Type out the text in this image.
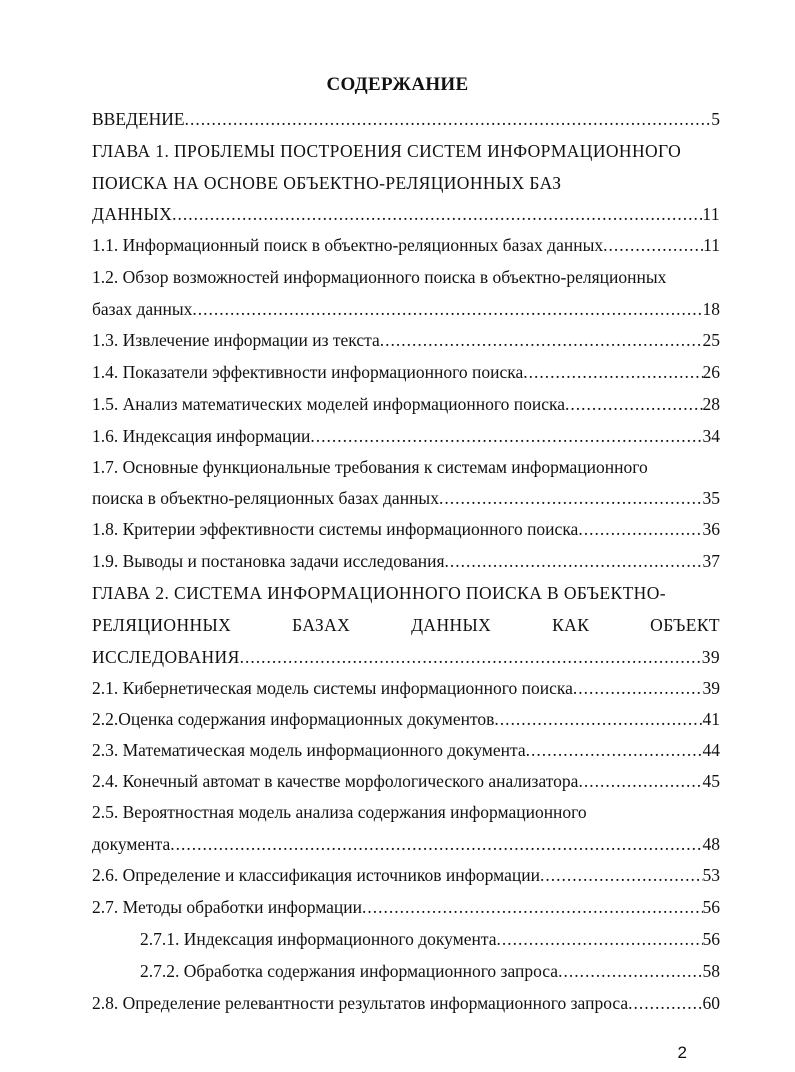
СОДЕРЖАНИЕ
ВВЕДЕНИЕ .....	5
ГЛАВА 1. ПРОБЛЕМЫ ПОСТРОЕНИЯ СИСТЕМ ИНФОРМАЦИОННОГО
ПОИСКА НА ОСНОВЕ ОБЪЕКТНО-РЕЛЯЦИОННЫХ БАЗ
ДАННЫХ .....	11
1.1. Информационный поиск в объектно-реляционных базах данных .....	11
1.2. Обзор возможностей информационного поиска в объектно-реляционных
базах данных .....	18
1.3. Извлечение информации из текста .....	25
1.4. Показатели эффективности информационного поиска .....	26
1.5. Анализ математических моделей информационного поиска .....	28
1.6. Индексация информации .....	34
1.7. Основные функциональные требования к системам информационного
поиска в объектно-реляционных базах данных .....	35
1.8. Критерии эффективности системы информационного поиска .....	36
1.9. Выводы и постановка задачи исследования .....	37
ГЛАВА 2. СИСТЕМА ИНФОРМАЦИОННОГО ПОИСКА В ОБЪЕКТНО-
РЕЛЯЦИОННЫХ	БАЗАХ	ДАННЫХ	КАК	ОБЪЕКТ
ИССЛЕДОВАНИЯ .....	39
2.1. Кибернетическая модель системы информационного поиска .....	39
2.2.Оценка содержания информационных документов .....	41
2.3. Математическая модель информационного документа .....	44
2.4. Конечный автомат в качестве морфологического анализатора .....	45
2.5. Вероятностная модель анализа содержания информационного
документа .....	48
2.6. Определение и классификация источников информации .....	53
2.7. Методы обработки информации .....	56
2.7.1. Индексация информационного документа .....	56
2.7.2. Обработка содержания информационного запроса .....	58
2.8. Определение релевантности результатов информационного запроса .....	60
2
